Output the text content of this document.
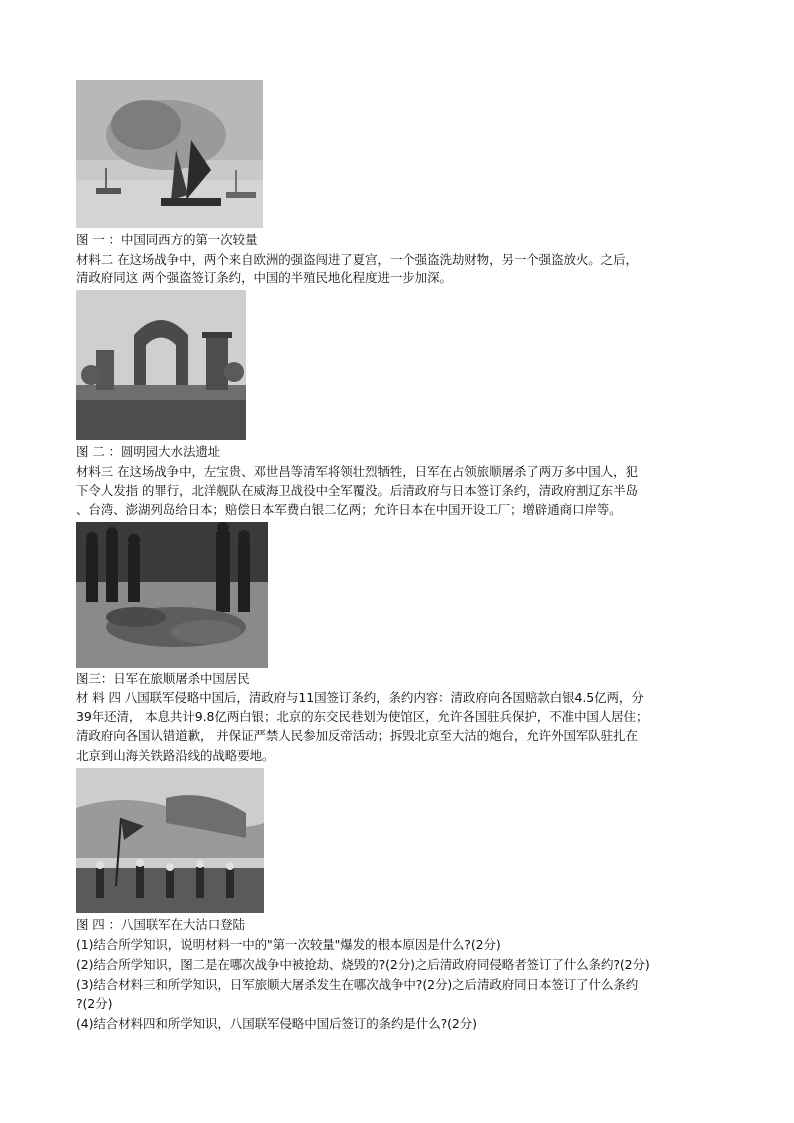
图 一 ：中国同西方的第一次较量
材料二 在这场战争中，两个来自欧洲的强盗闯进了夏宫，一个强盗洗劫财物，另一个强盗放火。之后，
清政府同这 两个强盗签订条约，中国的半殖民地化程度进一步加深。
图 二 ：圆明园大水法遗址
材料三 在这场战争中，左宝贵、邓世昌等清军将领壮烈牺牲，日军在占领旅顺屠杀了两万多中国人，犯
下令人发指 的罪行，北洋舰队在威海卫战役中全军覆没。后清政府与日本签订条约，清政府割辽东半岛
、台湾、澎湖列岛给日本；赔偿日本军费白银二亿两；允许日本在中国开设工厂；增辟通商口岸等。
图三：日军在旅顺屠杀中国居民
材 料 四 八国联军侵略中国后，清政府与11国签订条约，条约内容：清政府向各国赔款白银4.5亿两，分
39年还清， 本息共计9.8亿两白银；北京的东交民巷划为使馆区，允许各国驻兵保护，不准中国人居住；
清政府向各国认错道歉， 并保证严禁人民参加反帝活动；拆毁北京至大沽的炮台，允许外国军队驻扎在
北京到山海关铁路沿线的战略要地。
图 四 ：八国联军在大沽口登陆
(1)结合所学知识，说明材料一中的"第一次较量"爆发的根本原因是什么?(2分)
(2)结合所学知识，图二是在哪次战争中被抢劫、烧毁的?(2分)之后清政府同侵略者签订了什么条约?(2分)
(3)结合材料三和所学知识，日军旅顺大屠杀发生在哪次战争中?(2分)之后清政府同日本签订了什么条约
?(2分)
(4)结合材料四和所学知识，八国联军侵略中国后签订的条约是什么?(2分)
